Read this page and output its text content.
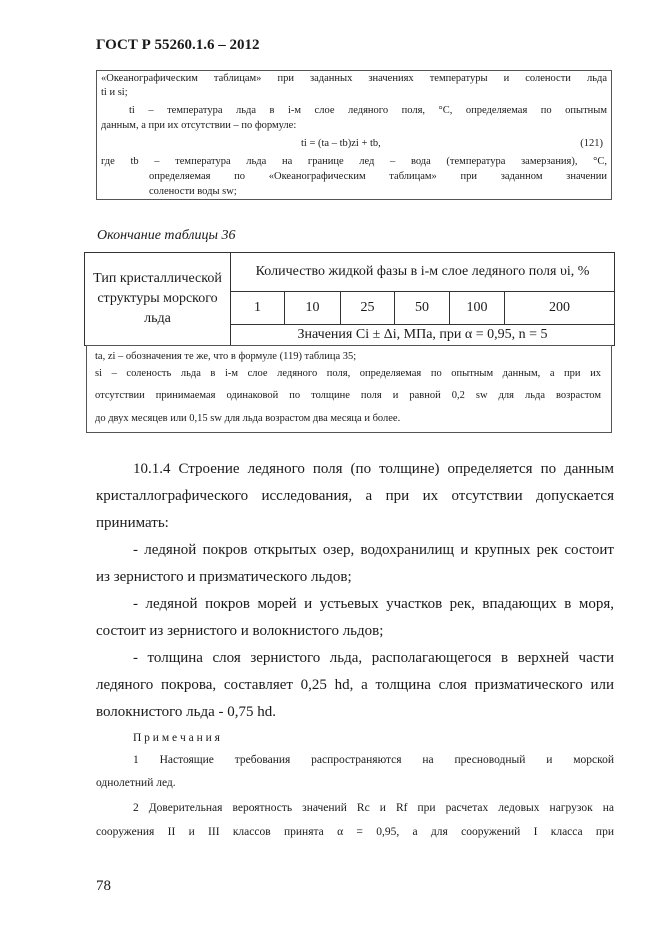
ГОСТ Р 55260.1.6 – 2012
«Океанографическим таблицам» при заданных значениях температуры и солености льда
ti и si;
ti – температура льда в i-м слое ледяного поля, °С, определяемая по опытным
данным, а при их отсутствии – по формуле:
ti = (ta – tb)zi + tb,	(121)
где tb – температура льда на границе лед – вода (температура замерзания), °С,
определяемая по «Океанографическим таблицам» при заданном значении
солености воды sw;
Окончание таблицы 36
Тип кристаллической структуры морского льда	Количество жидкой фазы в i-м слое ледяного поля υi, %					
	1	10	25	50	100	200
	Значения Ci ± Δi, МПа, при α = 0,95, n = 5					
ta, zi – обозначения те же, что в формуле (119) таблица 35;
si – соленость льда в i-м слое ледяного поля, определяемая по опытным данным, а при их
отсутствии принимаемая одинаковой по толщине поля и равной 0,2 sw для льда возрастом
до двух месяцев или 0,15 sw для льда возрастом два месяца и более.
10.1.4 Строение ледяного поля (по толщине) определяется по данным
кристаллографического исследования, а при их отсутствии допускается
принимать:
- ледяной покров открытых озер, водохранилищ и крупных рек состоит
из зернистого и призматического льдов;
- ледяной покров морей и устьевых участков рек, впадающих в моря,
состоит из зернистого и волокнистого льдов;
- толщина слоя зернистого льда, располагающегося в верхней части
ледяного покрова, составляет 0,25 hd, а толщина слоя призматического или
волокнистого льда - 0,75 hd.
П р и м е ч а н и я
1 Настоящие требования распространяются на пресноводный и морской
однолетний лед.
2 Доверительная вероятность значений Rc и Rf при расчетах ледовых нагрузок на
сооружения II и III классов принята α = 0,95, а для сооружений I класса при
78
